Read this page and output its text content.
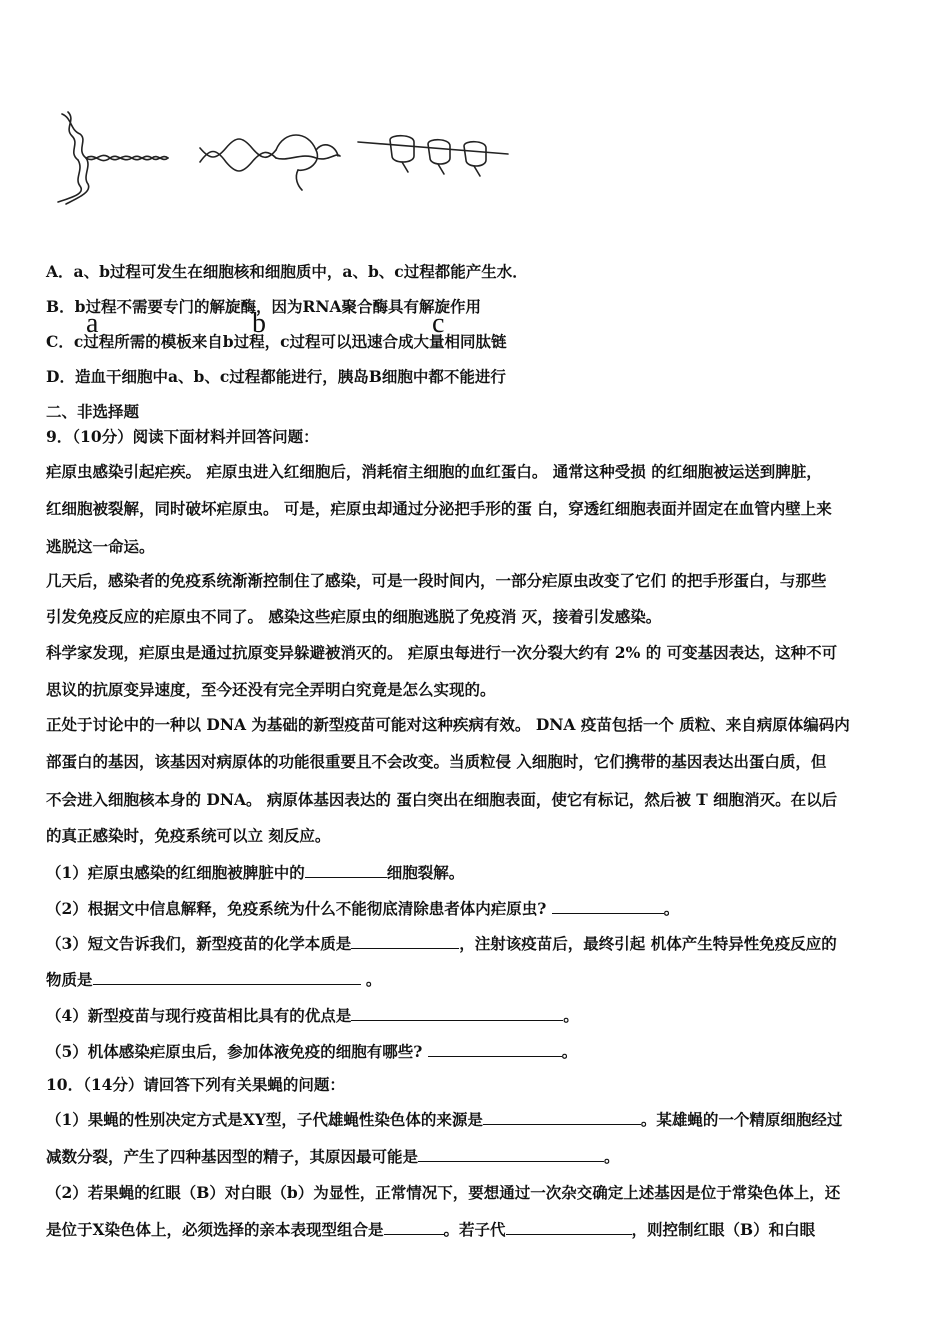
a	b	c
A．a、b过程可发生在细胞核和细胞质中，a、b、c过程都能产生水．
B．b过程不需要专门的解旋酶，因为RNA聚合酶具有解旋作用
C．c过程所需的模板来自b过程，c过程可以迅速合成大量相同肽链
D．造血干细胞中a、b、c过程都能进行，胰岛B细胞中都不能进行
二、非选择题
9．（10分）阅读下面材料并回答问题：
疟原虫感染引起疟疾。 疟原虫进入红细胞后，消耗宿主细胞的血红蛋白。 通常这种受损 的红细胞被运送到脾脏，
红细胞被裂解，同时破坏疟原虫。 可是，疟原虫却通过分泌把手形的蛋 白，穿透红细胞表面并固定在血管内壁上来
逃脱这一命运。
几天后，感染者的免疫系统渐渐控制住了感染，可是一段时间内，一部分疟原虫改变了它们 的把手形蛋白，与那些
引发免疫反应的疟原虫不同了。 感染这些疟原虫的细胞逃脱了免疫消 灭，接着引发感染。
科学家发现，疟原虫是通过抗原变异躲避被消灭的。 疟原虫每进行一次分裂大约有 2% 的 可变基因表达，这种不可
思议的抗原变异速度，至今还没有完全弄明白究竟是怎么实现的。
正处于讨论中的一种以 DNA 为基础的新型疫苗可能对这种疾病有效。 DNA 疫苗包括一个 质粒、来自病原体编码内
部蛋白的基因，该基因对病原体的功能很重要且不会改变。当质粒侵 入细胞时，它们携带的基因表达出蛋白质，但
不会进入细胞核本身的 DNA。 病原体基因表达的 蛋白突出在细胞表面，使它有标记，然后被 T 细胞消灭。在以后
的真正感染时，免疫系统可以立 刻反应。
（1）疟原虫感染的红细胞被脾脏中的	细胞裂解。
（2）根据文中信息解释，免疫系统为什么不能彻底清除患者体内疟原虫?	。
（3）短文告诉我们，新型疫苗的化学本质是	，注射该疫苗后，最终引起 机体产生特异性免疫反应的
物质是	。
（4）新型疫苗与现行疫苗相比具有的优点是	。
（5）机体感染疟原虫后，参加体液免疫的细胞有哪些?	。
10．（14分）请回答下列有关果蝇的问题：
（1）果蝇的性别决定方式是XY型，子代雄蝇性染色体的来源是	。某雄蝇的一个精原细胞经过
减数分裂，产生了四种基因型的精子，其原因最可能是	。
（2）若果蝇的红眼（B）对白眼（b）为显性，正常情况下，要想通过一次杂交确定上述基因是位于常染色体上，还
是位于X染色体上，必须选择的亲本表现型组合是	。若子代	，则控制红眼（B）和白眼
